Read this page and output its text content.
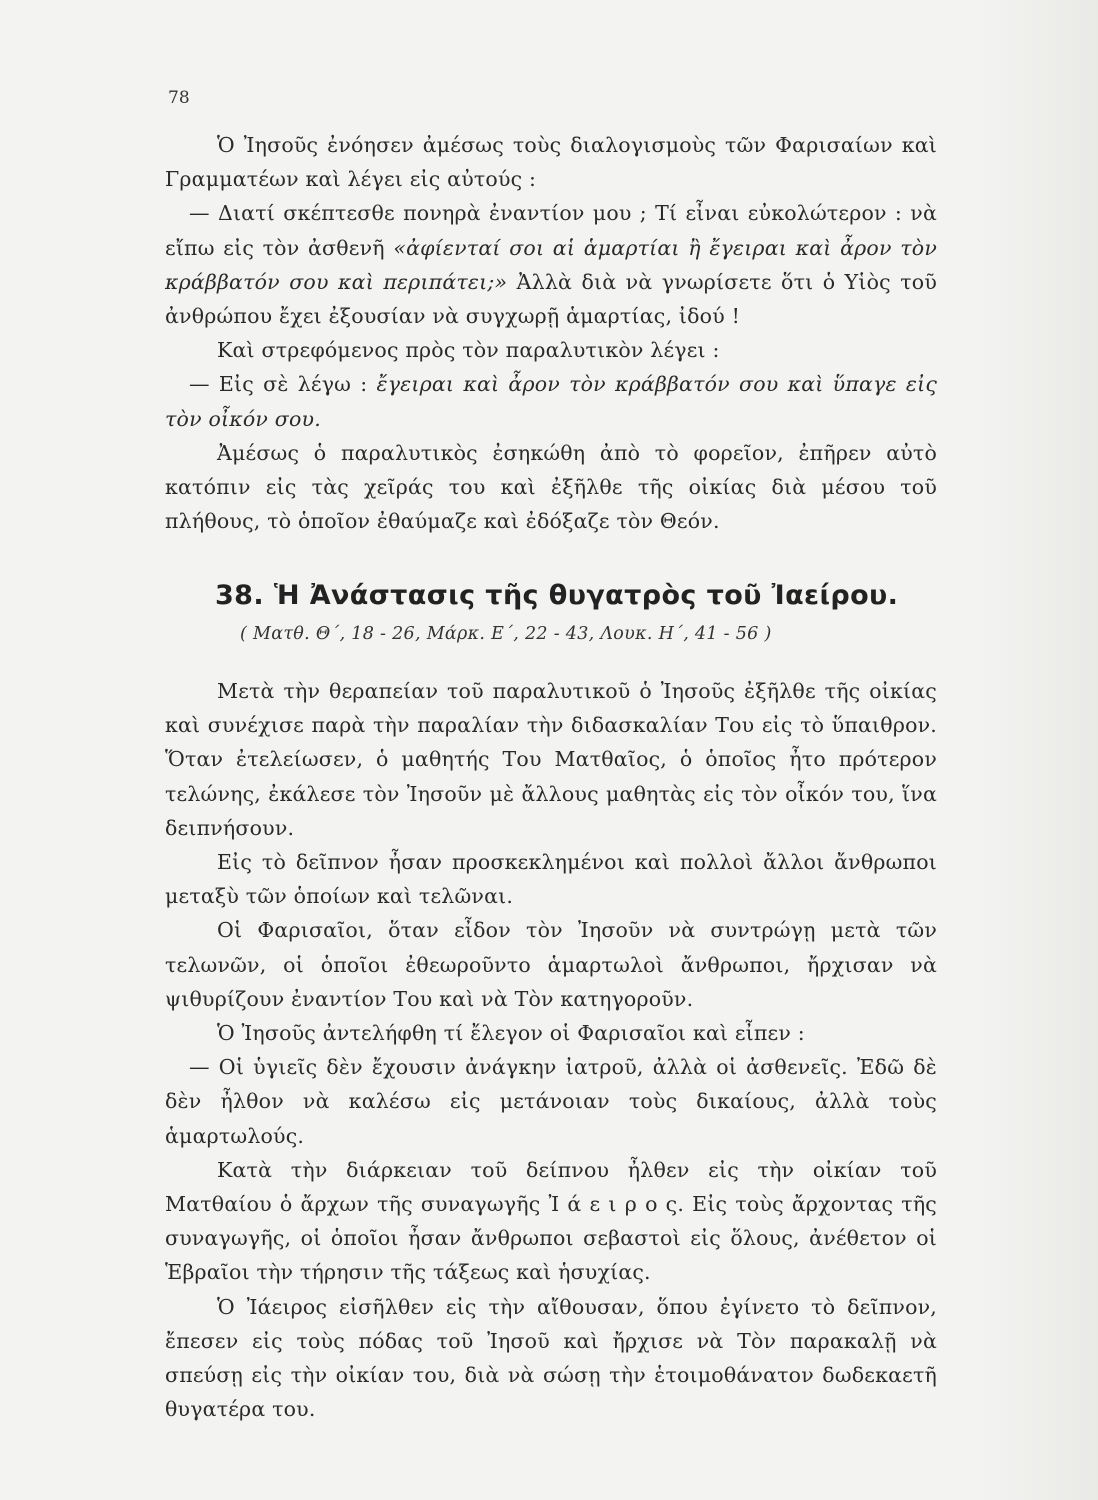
78

Ὁ Ἰησοῦς ἐνόησεν ἀμέσως τοὺς διαλογισμοὺς τῶν Φαρισαίων καὶ Γραμματέων καὶ λέγει εἰς αὐτούς :

— Διατί σκέπτεσθε πονηρὰ ἐναντίον μου ; Τί εἶναι εὐκολώτερον : νὰ εἴπω εἰς τὸν ἀσθενῆ «ἀφίενταί σοι αἱ ἁμαρτίαι ἢ ἔγειραι καὶ ἆρον τὸν κράββατόν σου καὶ περιπάτει;» Ἀλλὰ διὰ νὰ γνωρίσετε ὅτι ὁ Υἱὸς τοῦ ἀνθρώπου ἔχει ἐξουσίαν νὰ συγχωρῇ ἁμαρτίας, ἰδού !

Καὶ στρεφόμενος πρὸς τὸν παραλυτικὸν λέγει :

— Εἰς σὲ λέγω : ἔγειραι καὶ ἆρον τὸν κράββατόν σου καὶ ὕπαγε εἰς τὸν οἶκόν σου.

Ἀμέσως ὁ παραλυτικὸς ἐσηκώθη ἀπὸ τὸ φορεῖον, ἐπῆρεν αὐτὸ κατόπιν εἰς τὰς χεῖράς του καὶ ἐξῆλθε τῆς οἰκίας διὰ μέσου τοῦ πλήθους, τὸ ὁποῖον ἐθαύμαζε καὶ ἐδόξαζε τὸν Θεόν.

38. Ἡ Ἀνάστασις τῆς θυγατρὸς τοῦ Ἰαείρου.
( Ματθ. Θ΄, 18 - 26, Μάρκ. Ε΄, 22 - 43, Λουκ. Η΄, 41 - 56 )

Μετὰ τὴν θεραπείαν τοῦ παραλυτικοῦ ὁ Ἰησοῦς ἐξῆλθε τῆς οἰκίας καὶ συνέχισε παρὰ τὴν παραλίαν τὴν διδασκαλίαν Του εἰς τὸ ὕπαιθρον. Ὅταν ἐτελείωσεν, ὁ μαθητής Του Ματθαῖος, ὁ ὁποῖος ἦτο πρότερον τελώνης, ἐκάλεσε τὸν Ἰησοῦν μὲ ἄλλους μαθητὰς εἰς τὸν οἶκόν του, ἵνα δειπνήσουν.

Εἰς τὸ δεῖπνον ἦσαν προσκεκλημένοι καὶ πολλοὶ ἄλλοι ἄνθρωποι μεταξὺ τῶν ὁποίων καὶ τελῶναι.

Οἱ Φαρισαῖοι, ὅταν εἶδον τὸν Ἰησοῦν νὰ συντρώγῃ μετὰ τῶν τελωνῶν, οἱ ὁποῖοι ἐθεωροῦντο ἁμαρτωλοὶ ἄνθρωποι, ἤρχισαν νὰ ψιθυρίζουν ἐναντίον Του καὶ νὰ Τὸν κατηγοροῦν.

Ὁ Ἰησοῦς ἀντελήφθη τί ἔλεγον οἱ Φαρισαῖοι καὶ εἶπεν :

— Οἱ ὑγιεῖς δὲν ἔχουσιν ἀνάγκην ἰατροῦ, ἀλλὰ οἱ ἀσθενεῖς. Ἐδῶ δὲ δὲν ἦλθον νὰ καλέσω εἰς μετάνοιαν τοὺς δικαίους, ἀλλὰ τοὺς ἁμαρτωλούς.

Κατὰ τὴν διάρκειαν τοῦ δείπνου ἦλθεν εἰς τὴν οἰκίαν τοῦ Ματθαίου ὁ ἄρχων τῆς συναγωγῆς Ἰ ά ε ι ρ ο ς. Εἰς τοὺς ἄρχοντας τῆς συναγωγῆς, οἱ ὁποῖοι ἦσαν ἄνθρωποι σεβαστοὶ εἰς ὅλους, ἀνέθετον οἱ Ἑβραῖοι τὴν τήρησιν τῆς τάξεως καὶ ἡσυχίας.

Ὁ Ἰάειρος εἰσῆλθεν εἰς τὴν αἴθουσαν, ὅπου ἐγίνετο τὸ δεῖπνον, ἔπεσεν εἰς τοὺς πόδας τοῦ Ἰησοῦ καὶ ἤρχισε νὰ Τὸν παρακαλῇ νὰ σπεύσῃ εἰς τὴν οἰκίαν του, διὰ νὰ σώσῃ τὴν ἑτοιμοθάνατον δωδεκαετῆ θυγατέρα του.
